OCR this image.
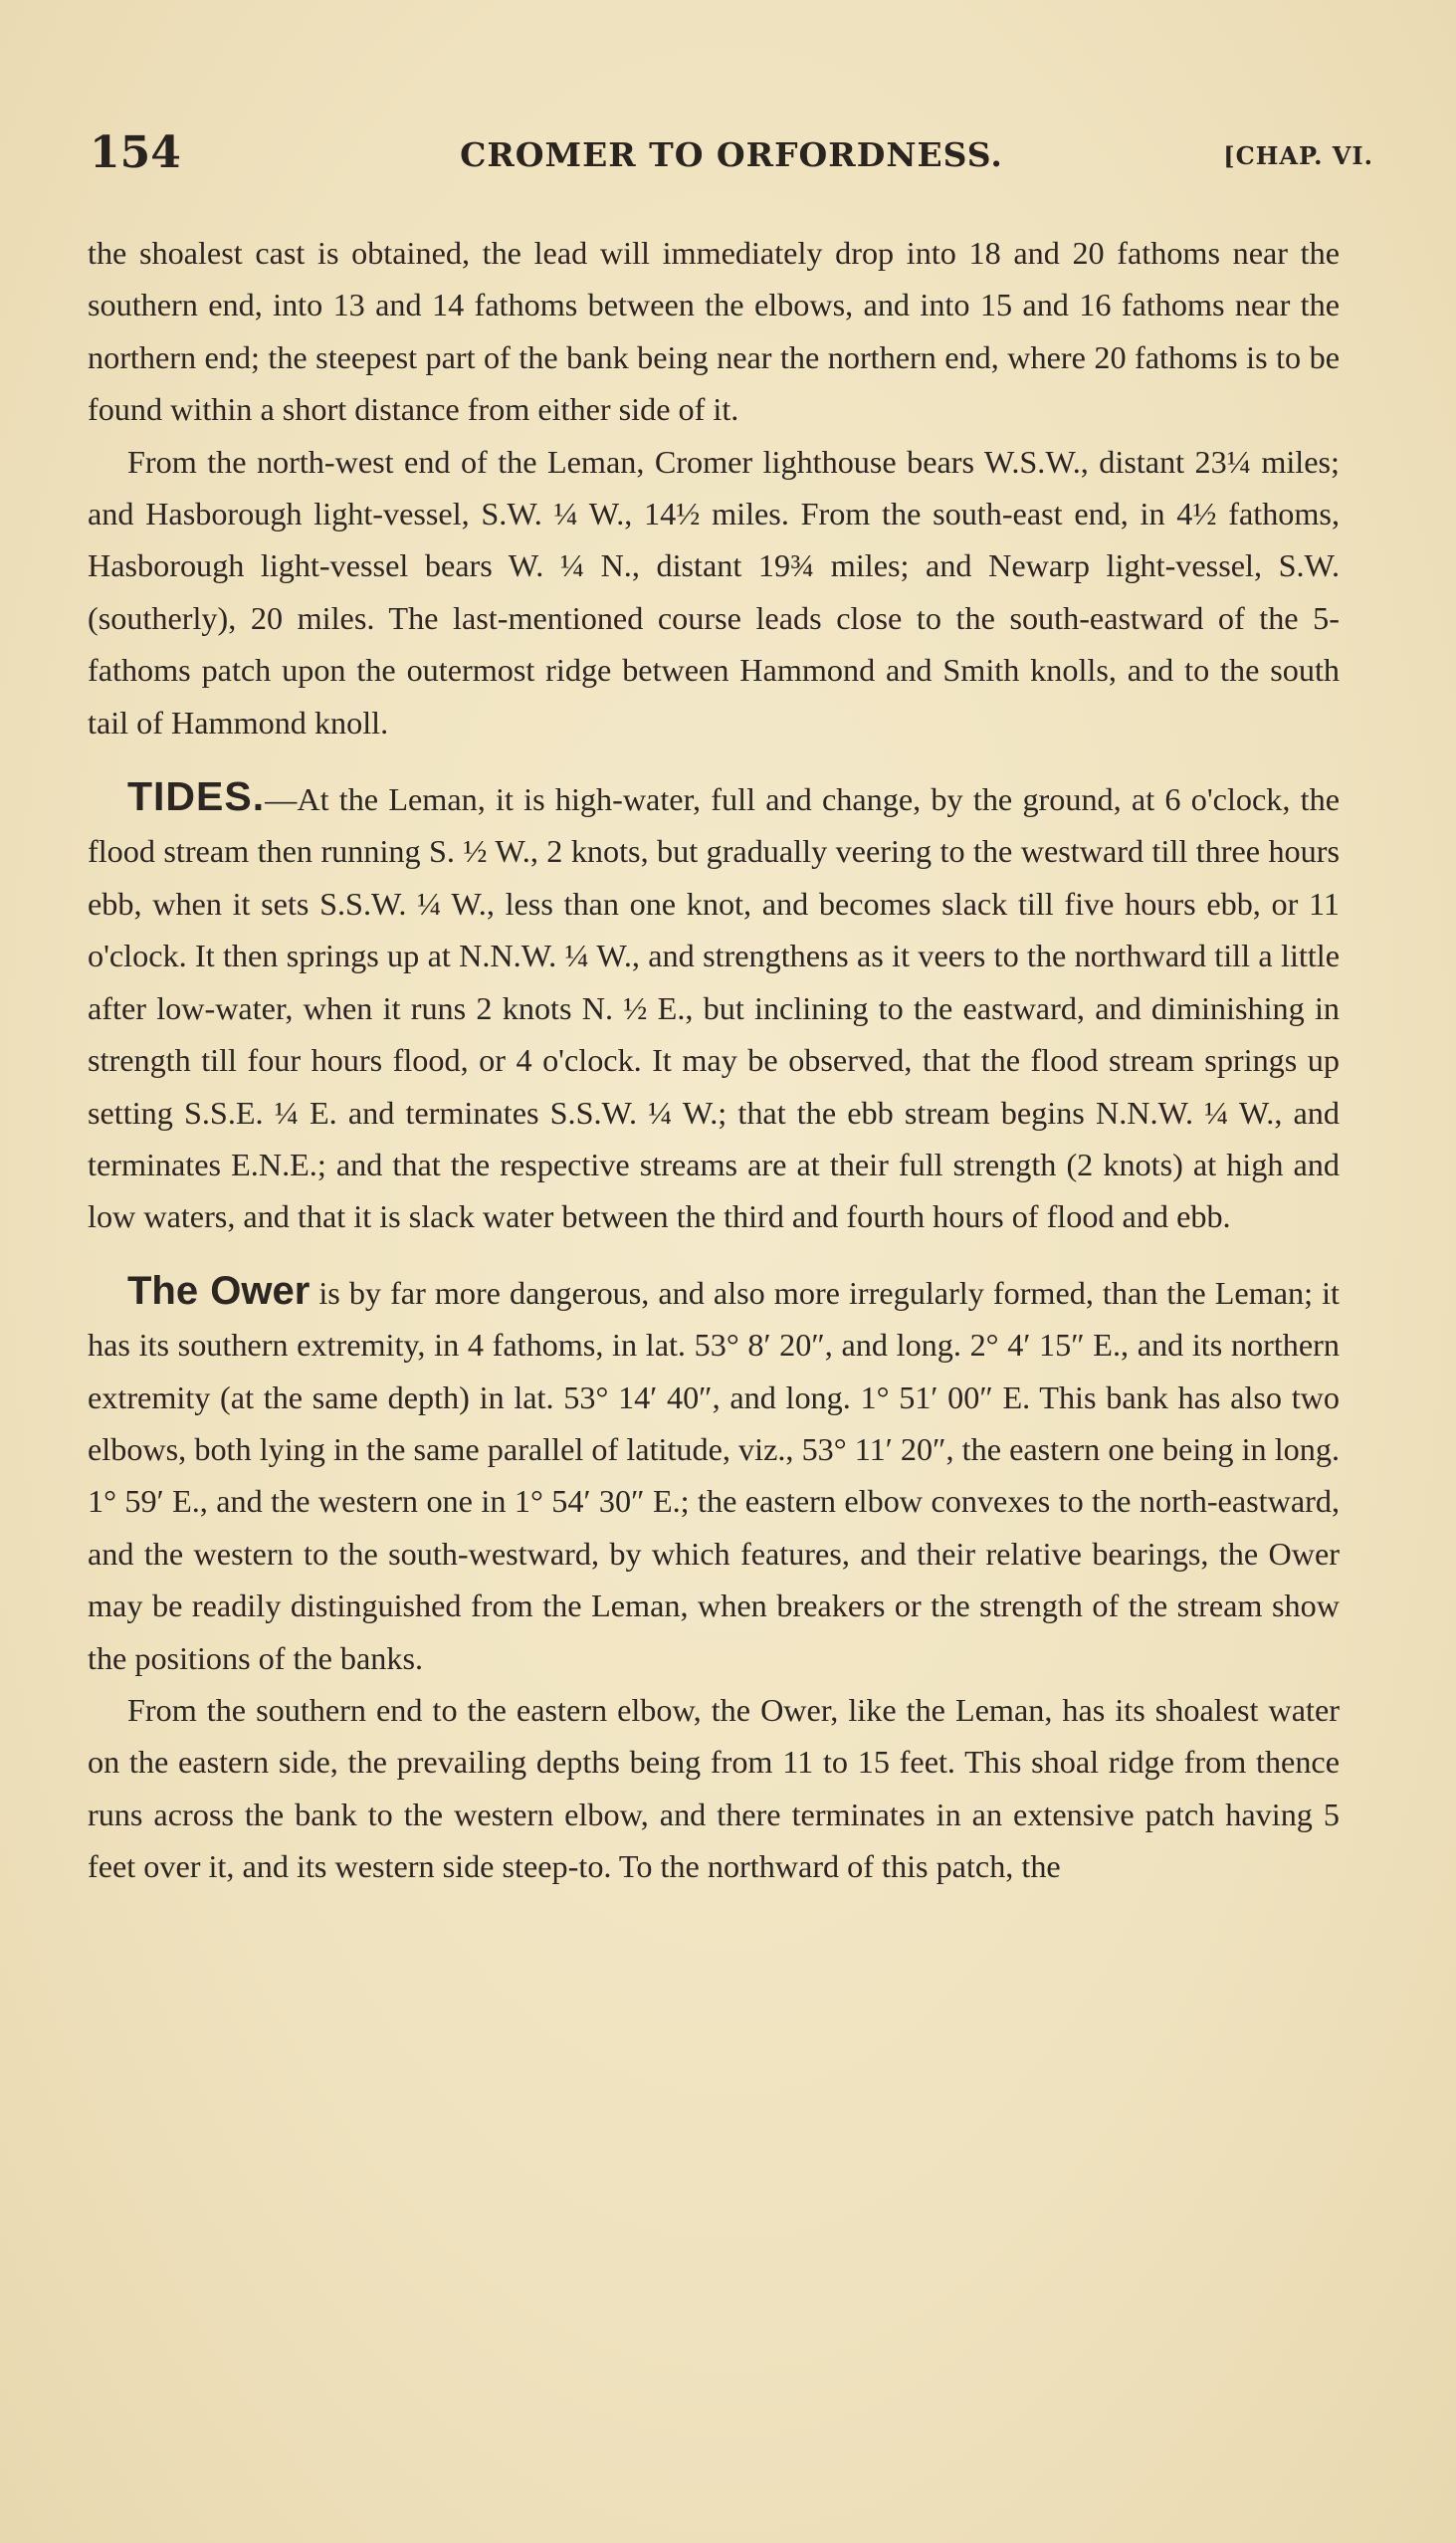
154	CROMER TO ORFORDNESS.	[CHAP. VI.

the shoalest cast is obtained, the lead will immediately drop into 18 and 20 fathoms near the southern end, into 13 and 14 fathoms between the elbows, and into 15 and 16 fathoms near the northern end; the steepest part of the bank being near the northern end, where 20 fathoms is to be found within a short distance from either side of it.

From the north-west end of the Leman, Cromer lighthouse bears W.S.W., distant 23¼ miles; and Hasborough light-vessel, S.W. ¼ W., 14½ miles. From the south-east end, in 4½ fathoms, Hasborough light-vessel bears W. ¼ N., distant 19¾ miles; and Newarp light-vessel, S.W. (southerly), 20 miles. The last-mentioned course leads close to the south-eastward of the 5-fathoms patch upon the outermost ridge between Hammond and Smith knolls, and to the south tail of Hammond knoll.

TIDES.—At the Leman, it is high-water, full and change, by the ground, at 6 o'clock, the flood stream then running S. ½ W., 2 knots, but gradually veering to the westward till three hours ebb, when it sets S.S.W. ¼ W., less than one knot, and becomes slack till five hours ebb, or 11 o'clock. It then springs up at N.N.W. ¼ W., and strengthens as it veers to the northward till a little after low-water, when it runs 2 knots N. ½ E., but inclining to the eastward, and diminishing in strength till four hours flood, or 4 o'clock. It may be observed, that the flood stream springs up setting S.S.E. ¼ E. and terminates S.S.W. ¼ W.; that the ebb stream begins N.N.W. ¼ W., and terminates E.N.E.; and that the respective streams are at their full strength (2 knots) at high and low waters, and that it is slack water between the third and fourth hours of flood and ebb.

The Ower is by far more dangerous, and also more irregularly formed, than the Leman; it has its southern extremity, in 4 fathoms, in lat. 53° 8′ 20″, and long. 2° 4′ 15″ E., and its northern extremity (at the same depth) in lat. 53° 14′ 40″, and long. 1° 51′ 00″ E. This bank has also two elbows, both lying in the same parallel of latitude, viz., 53° 11′ 20″, the eastern one being in long. 1° 59′ E., and the western one in 1° 54′ 30″ E.; the eastern elbow convexes to the north-eastward, and the western to the south-westward, by which features, and their relative bearings, the Ower may be readily distinguished from the Leman, when breakers or the strength of the stream show the positions of the banks.

From the southern end to the eastern elbow, the Ower, like the Leman, has its shoalest water on the eastern side, the prevailing depths being from 11 to 15 feet. This shoal ridge from thence runs across the bank to the western elbow, and there terminates in an extensive patch having 5 feet over it, and its western side steep-to. To the northward of this patch, the
